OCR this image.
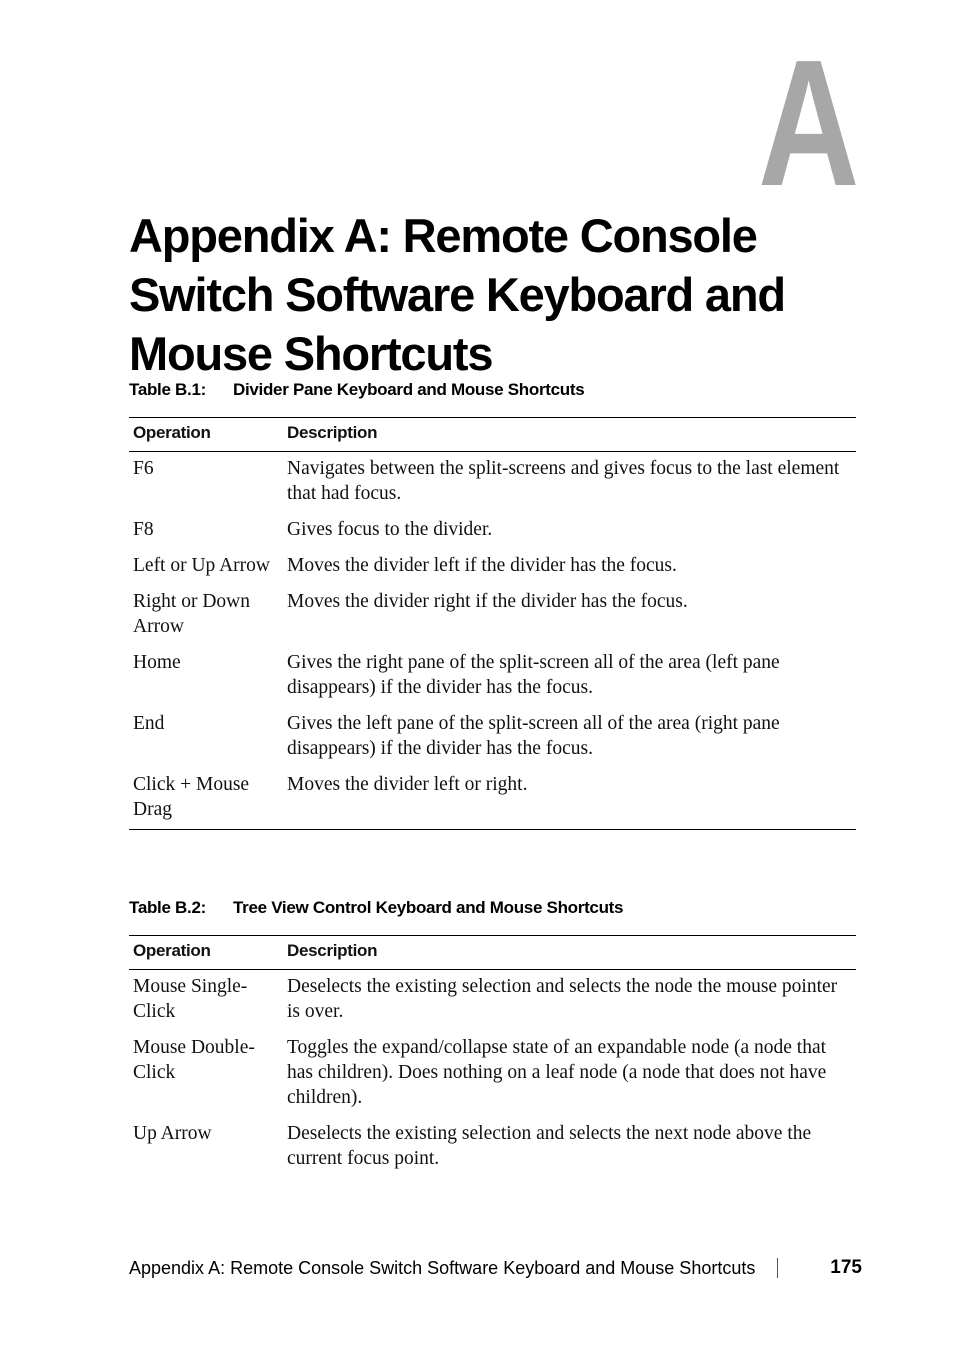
A
Appendix A: Remote Console Switch Software Keyboard and Mouse Shortcuts
Table B.1: Divider Pane Keyboard and Mouse Shortcuts
Operation	Description
F6	Navigates between the split-screens and gives focus to the last element that had focus.
F8	Gives focus to the divider.
Left or Up Arrow	Moves the divider left if the divider has the focus.
Right or Down Arrow	Moves the divider right if the divider has the focus.
Home	Gives the right pane of the split-screen all of the area (left pane disappears) if the divider has the focus.
End	Gives the left pane of the split-screen all of the area (right pane disappears) if the divider has the focus.
Click + Mouse Drag	Moves the divider left or right.
Table B.2: Tree View Control Keyboard and Mouse Shortcuts
Operation	Description
Mouse Single-Click	Deselects the existing selection and selects the node the mouse pointer is over.
Mouse Double-Click	Toggles the expand/collapse state of an expandable node (a node that has children). Does nothing on a leaf node (a node that does not have children).
Up Arrow	Deselects the existing selection and selects the next node above the current focus point.
Appendix A: Remote Console Switch Software Keyboard and Mouse Shortcuts	175
